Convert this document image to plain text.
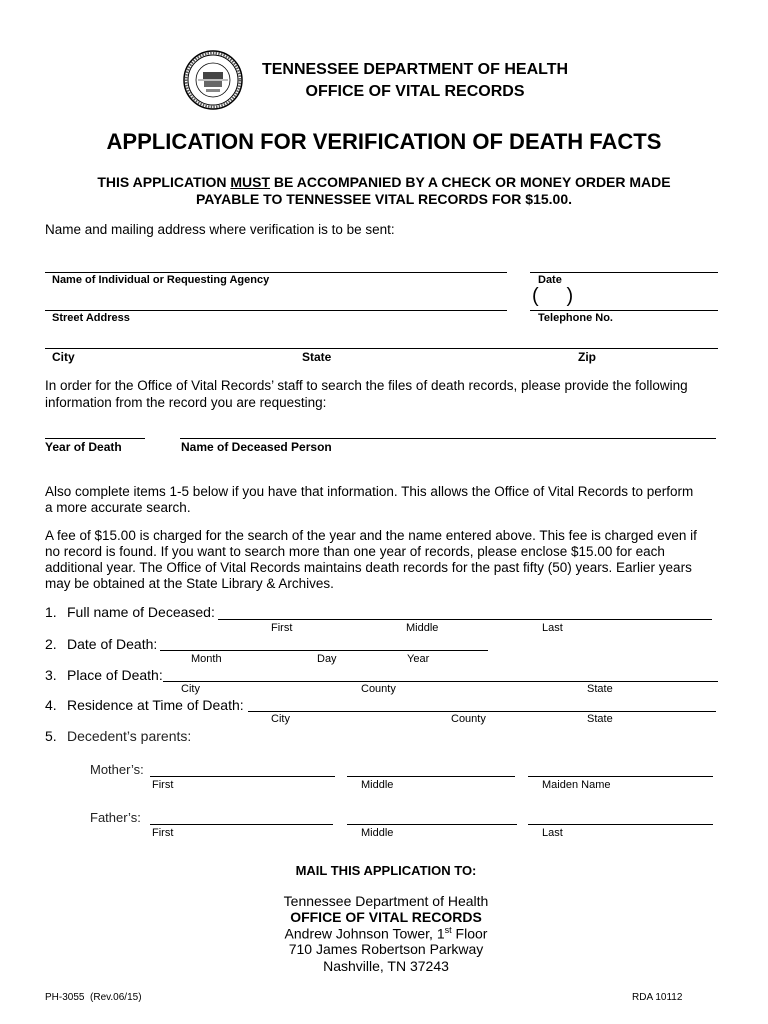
TENNESSEE DEPARTMENT OF HEALTH
OFFICE OF VITAL RECORDS
APPLICATION FOR VERIFICATION OF DEATH FACTS
THIS APPLICATION MUST BE ACCOMPANIED BY A CHECK OR MONEY ORDER MADE
PAYABLE TO TENNESSEE VITAL RECORDS FOR $15.00.
Name and mailing address where verification is to be sent:
Name of Individual or Requesting Agency	Date
Street Address
(     )
Telephone No.
City	State	Zip
In order for the Office of Vital Records’ staff to search the files of death records, please provide the following
information from the record you are requesting:
Year of Death	Name of Deceased Person
Also complete items 1-5 below if you have that information. This allows the Office of Vital Records to perform
a more accurate search.
A fee of $15.00 is charged for the search of the year and the name entered above. This fee is charged even if
no record is found. If you want to search more than one year of records, please enclose $15.00 for each
additional year. The Office of Vital Records maintains death records for the past fifty (50) years. Earlier years
may be obtained at the State Library & Archives.
1. Full name of Deceased:
First	Middle	Last
2. Date of Death:
Month	Day	Year
3. Place of Death:
City	County	State
4. Residence at Time of Death:
City	County	State
5. Decedent’s parents:
Mother’s:
First	Middle	Maiden Name
Father’s:
First	Middle	Last
MAIL THIS APPLICATION TO:
Tennessee Department of Health
OFFICE OF VITAL RECORDS
Andrew Johnson Tower, 1st Floor
710 James Robertson Parkway
Nashville, TN 37243
PH-3055  (Rev.06/15)	RDA 10112
